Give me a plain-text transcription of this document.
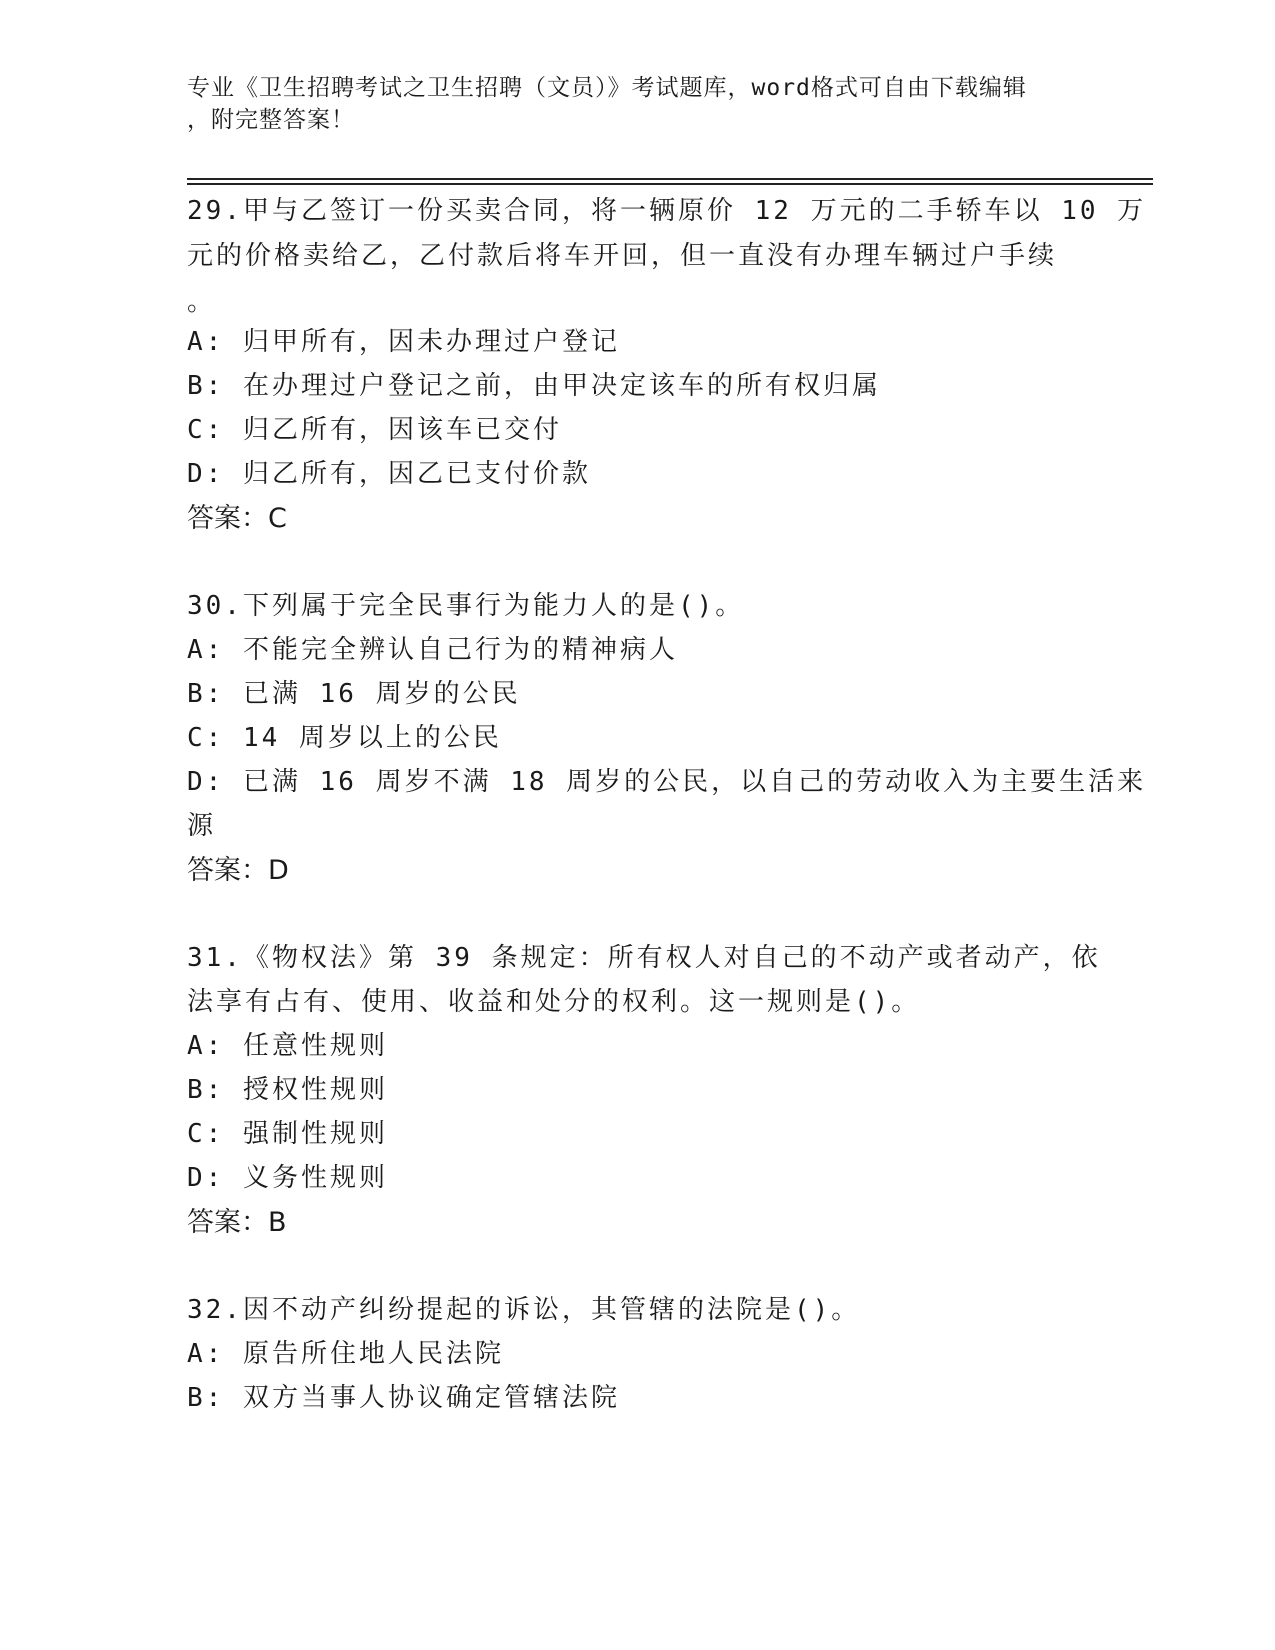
专业《卫生招聘考试之卫生招聘（文员）》考试题库，word格式可自由下载编辑
，附完整答案！
29.甲与乙签订一份买卖合同，将一辆原价 12 万元的二手轿车以 10 万
元的价格卖给乙，乙付款后将车开回，但一直没有办理车辆过户手续
。
A: 归甲所有，因未办理过户登记
B: 在办理过户登记之前，由甲决定该车的所有权归属
C: 归乙所有，因该车已交付
D: 归乙所有，因乙已支付价款
答案：C
30.下列属于完全民事行为能力人的是()。
A: 不能完全辨认自己行为的精神病人
B: 已满 16 周岁的公民
C: 14 周岁以上的公民
D: 已满 16 周岁不满 18 周岁的公民，以自己的劳动收入为主要生活来
源
答案：D
31.《物权法》第 39 条规定：所有权人对自己的不动产或者动产，依
法享有占有、使用、收益和处分的权利。这一规则是()。
A: 任意性规则
B: 授权性规则
C: 强制性规则
D: 义务性规则
答案：B
32.因不动产纠纷提起的诉讼，其管辖的法院是()。
A: 原告所住地人民法院
B: 双方当事人协议确定管辖法院
